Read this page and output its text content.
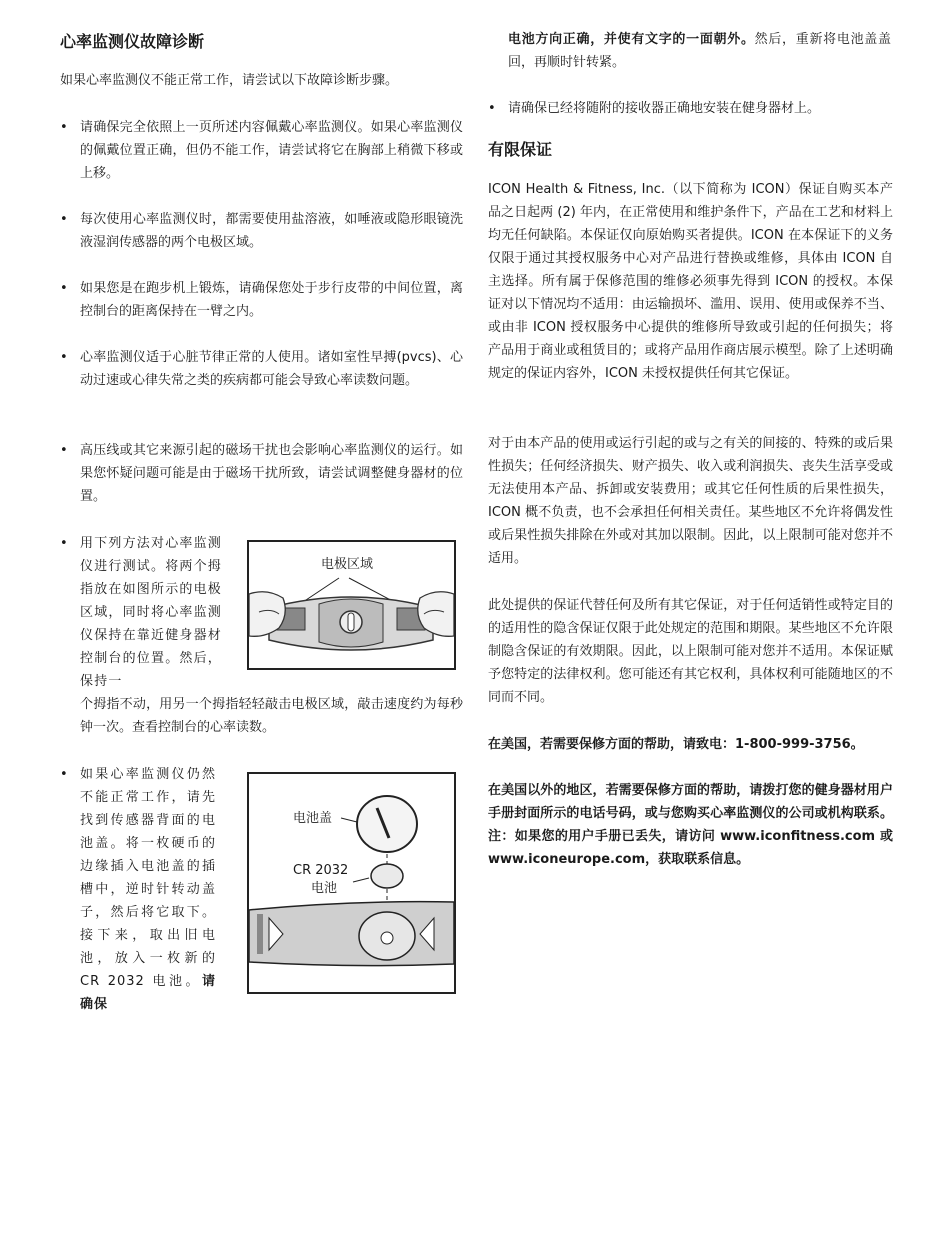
心率监测仪故障诊断

如果心率监测仪不能正常工作，请尝试以下故障诊断步骤。

• 请确保完全依照上一页所述内容佩戴心率监测仪。如果心率监测仪的佩戴位置正确，但仍不能工作，请尝试将它在胸部上稍微下移或上移。
• 每次使用心率监测仪时，都需要使用盐溶液，如唾液或隐形眼镜洗液湿润传感器的两个电极区域。
• 如果您是在跑步机上锻炼，请确保您处于步行皮带的中间位置，离控制台的距离保持在一臂之内。
• 心率监测仪适于心脏节律正常的人使用。诸如室性早搏(pvcs)、心动过速或心律失常之类的疾病都可能会导致心率读数问题。
• 高压线或其它来源引起的磁场干扰也会影响心率监测仪的运行。如果您怀疑问题可能是由于磁场干扰所致，请尝试调整健身器材的位置。
• 用下列方法对心率监测仪进行测试。将两个拇指放在如图所示的电极区域，同时将心率监测仪保持在靠近健身器材控制台的位置。然后，保持一
个拇指不动，用另一个拇指轻轻敲击电极区域，敲击速度约为每秒钟一次。查看控制台的心率读数。
电极区域
• 如果心率监测仪仍然不能正常工作，请先找到传感器背面的电池盖。将一枚硬币的边缘插入电池盖的插槽中，逆时针转动盖子，然后将它取下。接下来，取出旧电池，放入一枚新的 CR 2032 电池。请确保
电池盖
CR 2032
电池

电池方向正确，并使有文字的一面朝外。然后，重新将电池盖盖回，再顺时针转紧。

• 请确保已经将随附的接收器正确地安装在健身器材上。
有限保证

ICON Health & Fitness, Inc.（以下简称为 ICON）保证自购买本产品之日起两 (2) 年内，在正常使用和维护条件下，产品在工艺和材料上均无任何缺陷。本保证仅向原始购买者提供。ICON 在本保证下的义务仅限于通过其授权服务中心对产品进行替换或维修，具体由 ICON 自主选择。所有属于保修范围的维修必须事先得到 ICON 的授权。本保证对以下情况均不适用：由运输损坏、滥用、误用、使用或保养不当、或由非 ICON 授权服务中心提供的维修所导致或引起的任何损失；将产品用于商业或租赁目的；或将产品用作商店展示模型。除了上述明确规定的保证内容外，ICON 未授权提供任何其它保证。

对于由本产品的使用或运行引起的或与之有关的间接的、特殊的或后果性损失；任何经济损失、财产损失、收入或利润损失、丧失生活享受或无法使用本产品、拆卸或安装费用；或其它任何性质的后果性损失，ICON 概不负责，也不会承担任何相关责任。某些地区不允许将偶发性或后果性损失排除在外或对其加以限制。因此，以上限制可能对您并不适用。

此处提供的保证代替任何及所有其它保证，对于任何适销性或特定目的的适用性的隐含保证仅限于此处规定的范围和期限。某些地区不允许限制隐含保证的有效期限。因此，以上限制可能对您并不适用。本保证赋予您特定的法律权利。您可能还有其它权利，具体权利可能随地区的不同而不同。

在美国，若需要保修方面的帮助，请致电：1-800-999-3756。

在美国以外的地区，若需要保修方面的帮助，请拨打您的健身器材用户手册封面所示的电话号码，或与您购买心率监测仪的公司或机构联系。注：如果您的用户手册已丢失，请访问 www.iconfitness.com 或 www.iconeurope.com，获取联系信息。
